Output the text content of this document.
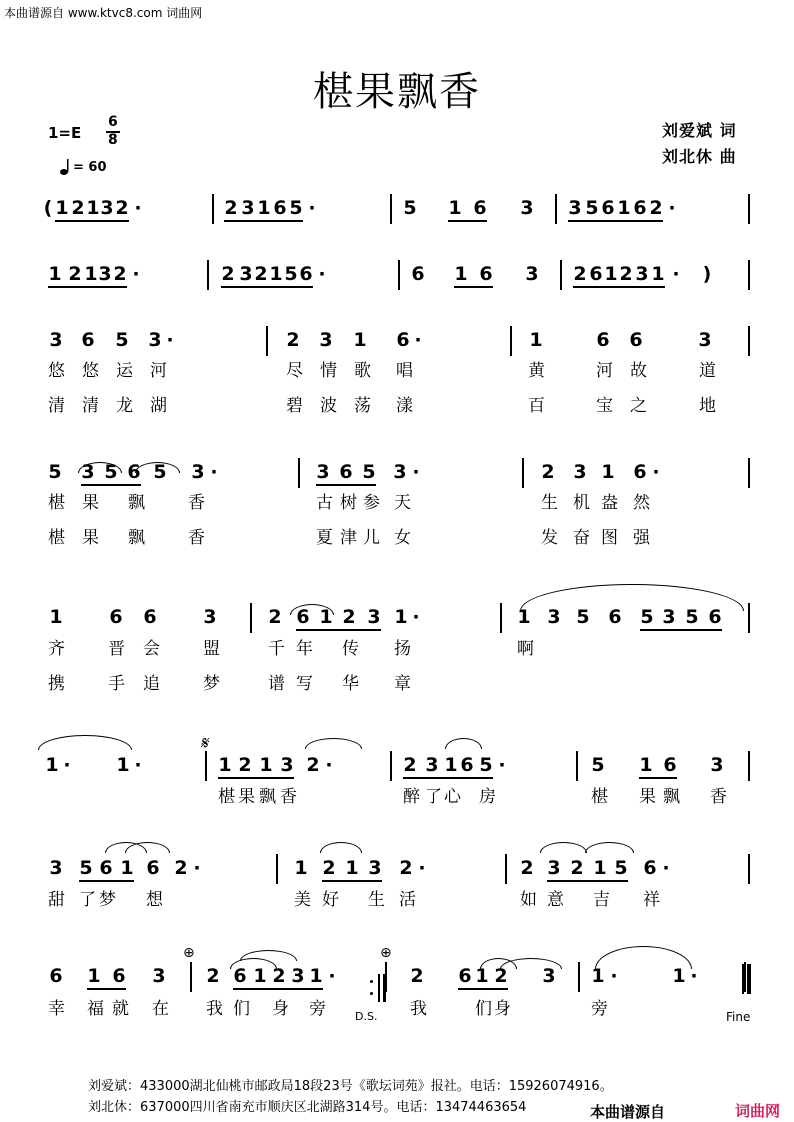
本曲谱源自 www.ktvc8.com 词曲网
椹果飘香
1=E
6
8
= 60
刘爱斌 词
刘北休 曲
( 1 2 1 3 2 ·	2 3 1 6 5 ·	5 1 6 3 3 5 6 1 6 2 ·
1 2 1 3 2 ·	2 3 2 1 5 6 ·	6 1 6 3 2 6 1 2 3 1 · )
3 6 5 3 ·	2 3 1 6 ·	1	6 6	3
5 3 5 6 5 3 ·	3 6 5 3 ·	2 3 1 6 ·
1 6 6 3	2 6 1 2 3 1 ·	1 3 5 6 5 3 5 6
1 · 1 ·	1 2 1 3 2 ·	2 3 1 6 5 ·	5 1 6 3
3 5 6 1 6 2 ·	1 2 1 3 2 ·	2 3 2 1 5 6 ·
6 1 6 3 2 6 1 2 3 1 ·	2 6 1 2 3 1 ·	1 ·
悠 悠 运 河	尽 情 歌 唱	黄	河 故	道
清 清 龙 湖	碧 波 荡 漾	百	宝 之	地
椹 果 飘	香	古 树 参 天	生 机 盎 然
椹 果 飘	香	夏 津 儿 女	发 奋 图 强
齐	晋 会	盟	千 年 传 扬	啊
携	手 追	梦	谱 写 华 章
椹 果 飘 香	醉 了 心 房	椹 果 飘 香
甜 了 梦 想	美 好 生 活	如 意 吉 祥
幸 福 就 在 我 们 身 旁	我	们 身	旁
𝄋
⊕	⊕
D.S.	Fine
刘爱斌：433000湖北仙桃市邮政局18段23号《歌坛词苑》报社。电话：15926074916。
刘北休：637000四川省南充市顺庆区北湖路314号。电话：13474463654	本曲谱源自	词曲网
